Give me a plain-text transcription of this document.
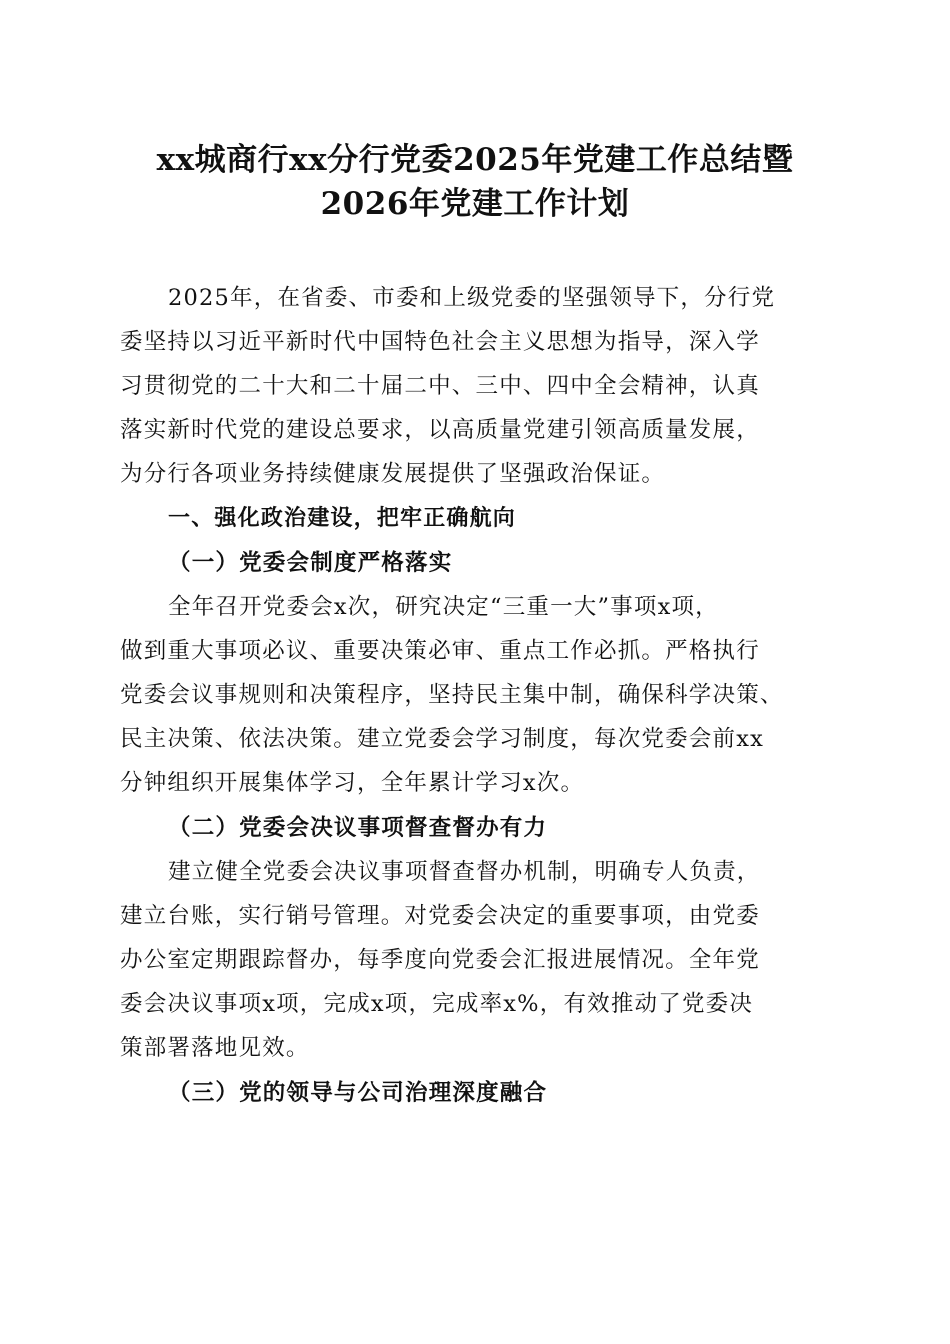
xx城商行xx分行党委2025年党建工作总结暨
2026年党建工作计划
2025年，在省委、市委和上级党委的坚强领导下，分行党
委坚持以习近平新时代中国特色社会主义思想为指导，深入学
习贯彻党的二十大和二十届二中、三中、四中全会精神，认真
落实新时代党的建设总要求，以高质量党建引领高质量发展，
为分行各项业务持续健康发展提供了坚强政治保证。
一、强化政治建设，把牢正确航向
（一）党委会制度严格落实
全年召开党委会x次，研究决定“三重一大”事项x项，
做到重大事项必议、重要决策必审、重点工作必抓。严格执行
党委会议事规则和决策程序，坚持民主集中制，确保科学决策、
民主决策、依法决策。建立党委会学习制度，每次党委会前xx
分钟组织开展集体学习，全年累计学习x次。
（二）党委会决议事项督查督办有力
建立健全党委会决议事项督查督办机制，明确专人负责，
建立台账，实行销号管理。对党委会决定的重要事项，由党委
办公室定期跟踪督办，每季度向党委会汇报进展情况。全年党
委会决议事项x项，完成x项，完成率x%，有效推动了党委决
策部署落地见效。
（三）党的领导与公司治理深度融合
